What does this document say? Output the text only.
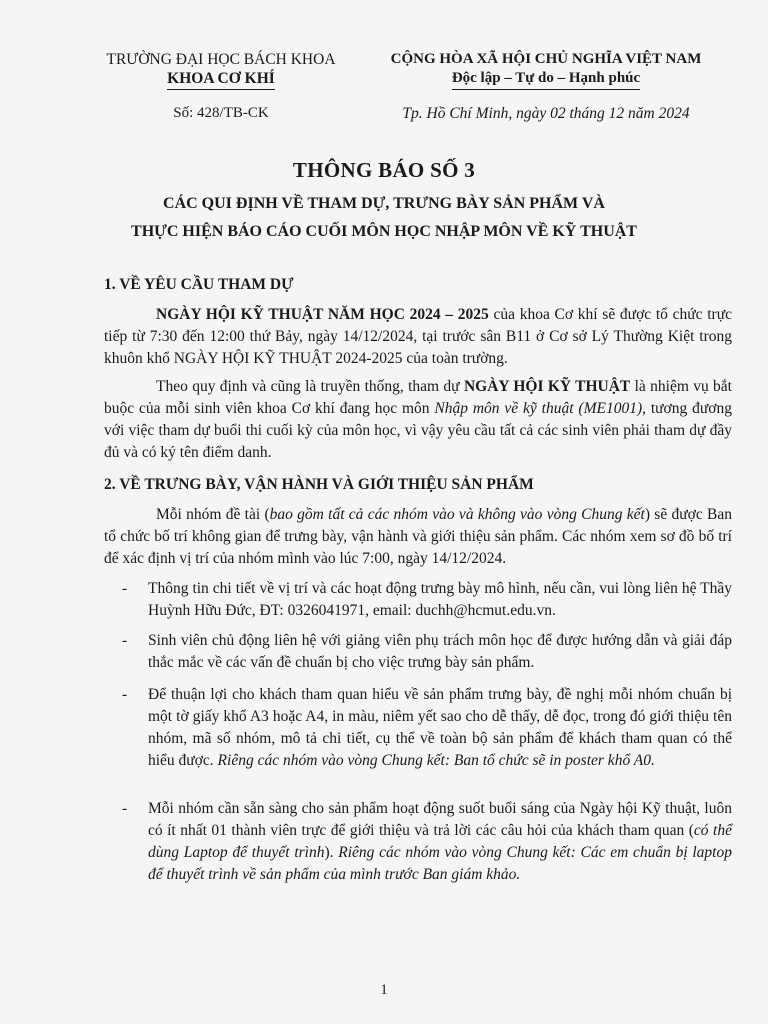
TRƯỜNG ĐẠI HỌC BÁCH KHOA
KHOA CƠ KHÍ
CỘNG HÒA XÃ HỘI CHỦ NGHĨA VIỆT NAM
Độc lập – Tự do – Hạnh phúc
Số: 428/TB-CK	Tp. Hồ Chí Minh, ngày 02 tháng 12 năm 2024
THÔNG BÁO SỐ 3
CÁC QUI ĐỊNH VỀ THAM DỰ, TRƯNG BÀY SẢN PHẨM VÀ
THỰC HIỆN BÁO CÁO CUỐI MÔN HỌC NHẬP MÔN VỀ KỸ THUẬT
1. VỀ YÊU CẦU THAM DỰ
NGÀY HỘI KỸ THUẬT NĂM HỌC 2024 – 2025 của khoa Cơ khí sẽ được tổ chức trực tiếp từ 7:30 đến 12:00 thứ Bảy, ngày 14/12/2024, tại trước sân B11 ở Cơ sở Lý Thường Kiệt trong khuôn khổ NGÀY HỘI KỸ THUẬT 2024-2025 của toàn trường.
Theo quy định và cũng là truyền thống, tham dự NGÀY HỘI KỸ THUẬT là nhiệm vụ bắt buộc của mỗi sinh viên khoa Cơ khí đang học môn Nhập môn về kỹ thuật (ME1001), tương đương với việc tham dự buổi thi cuối kỳ của môn học, vì vậy yêu cầu tất cả các sinh viên phải tham dự đầy đủ và có ký tên điểm danh.
2. VỀ TRƯNG BÀY, VẬN HÀNH VÀ GIỚI THIỆU SẢN PHẨM
Mỗi nhóm đề tài (bao gồm tất cả các nhóm vào và không vào vòng Chung kết) sẽ được Ban tổ chức bố trí không gian để trưng bày, vận hành và giới thiệu sản phẩm. Các nhóm xem sơ đồ bố trí để xác định vị trí của nhóm mình vào lúc 7:00, ngày 14/12/2024.
- Thông tin chi tiết về vị trí và các hoạt động trưng bày mô hình, nếu cần, vui lòng liên hệ Thầy Huỳnh Hữu Đức, ĐT: 0326041971, email: duchh@hcmut.edu.vn.
- Sinh viên chủ động liên hệ với giảng viên phụ trách môn học để được hướng dẫn và giải đáp thắc mắc về các vấn đề chuẩn bị cho việc trưng bày sản phẩm.
- Để thuận lợi cho khách tham quan hiểu về sản phẩm trưng bày, đề nghị mỗi nhóm chuẩn bị một tờ giấy khổ A3 hoặc A4, in màu, niêm yết sao cho dễ thấy, dễ đọc, trong đó giới thiệu tên nhóm, mã số nhóm, mô tả chi tiết, cụ thể về toàn bộ sản phẩm để khách tham quan có thể hiểu được. Riêng các nhóm vào vòng Chung kết: Ban tổ chức sẽ in poster khổ A0.
- Mỗi nhóm cần sẵn sàng cho sản phẩm hoạt động suốt buổi sáng của Ngày hội Kỹ thuật, luôn có ít nhất 01 thành viên trực để giới thiệu và trả lời các câu hỏi của khách tham quan (có thể dùng Laptop để thuyết trình). Riêng các nhóm vào vòng Chung kết: Các em chuẩn bị laptop để thuyết trình về sản phẩm của mình trước Ban giám khảo.
1
